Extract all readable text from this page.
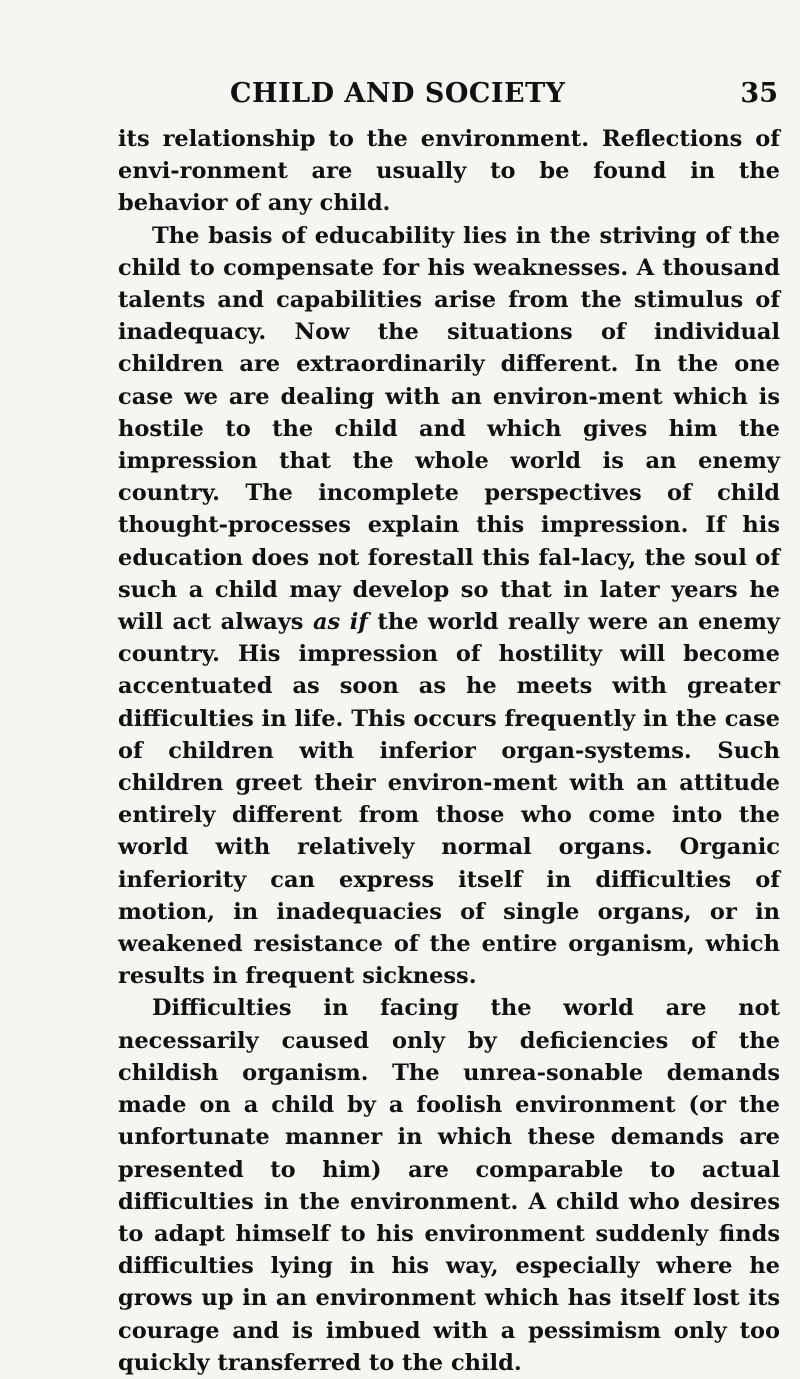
CHILD AND SOCIETY	35

its relationship to the environment. Reflections of envi-ronment are usually to be found in the behavior of any child.

The basis of educability lies in the striving of the child to compensate for his weaknesses. A thousand talents and capabilities arise from the stimulus of inadequacy. Now the situations of individual children are extraordinarily different. In the one case we are dealing with an environ-ment which is hostile to the child and which gives him the impression that the whole world is an enemy country. The incomplete perspectives of child thought-processes explain this impression. If his education does not forestall this fal-lacy, the soul of such a child may develop so that in later years he will act always as if the world really were an enemy country. His impression of hostility will become accentuated as soon as he meets with greater difficulties in life. This occurs frequently in the case of children with inferior organ-systems. Such children greet their environ-ment with an attitude entirely different from those who come into the world with relatively normal organs. Organic inferiority can express itself in difficulties of motion, in inadequacies of single organs, or in weakened resistance of the entire organism, which results in frequent sickness.

Difficulties in facing the world are not necessarily caused only by deficiencies of the childish organism. The unrea-sonable demands made on a child by a foolish environment (or the unfortunate manner in which these demands are presented to him) are comparable to actual difficulties in the environment. A child who desires to adapt himself to his environment suddenly finds difficulties lying in his way, especially where he grows up in an environment which has itself lost its courage and is imbued with a pessimism only too quickly transferred to the child.
